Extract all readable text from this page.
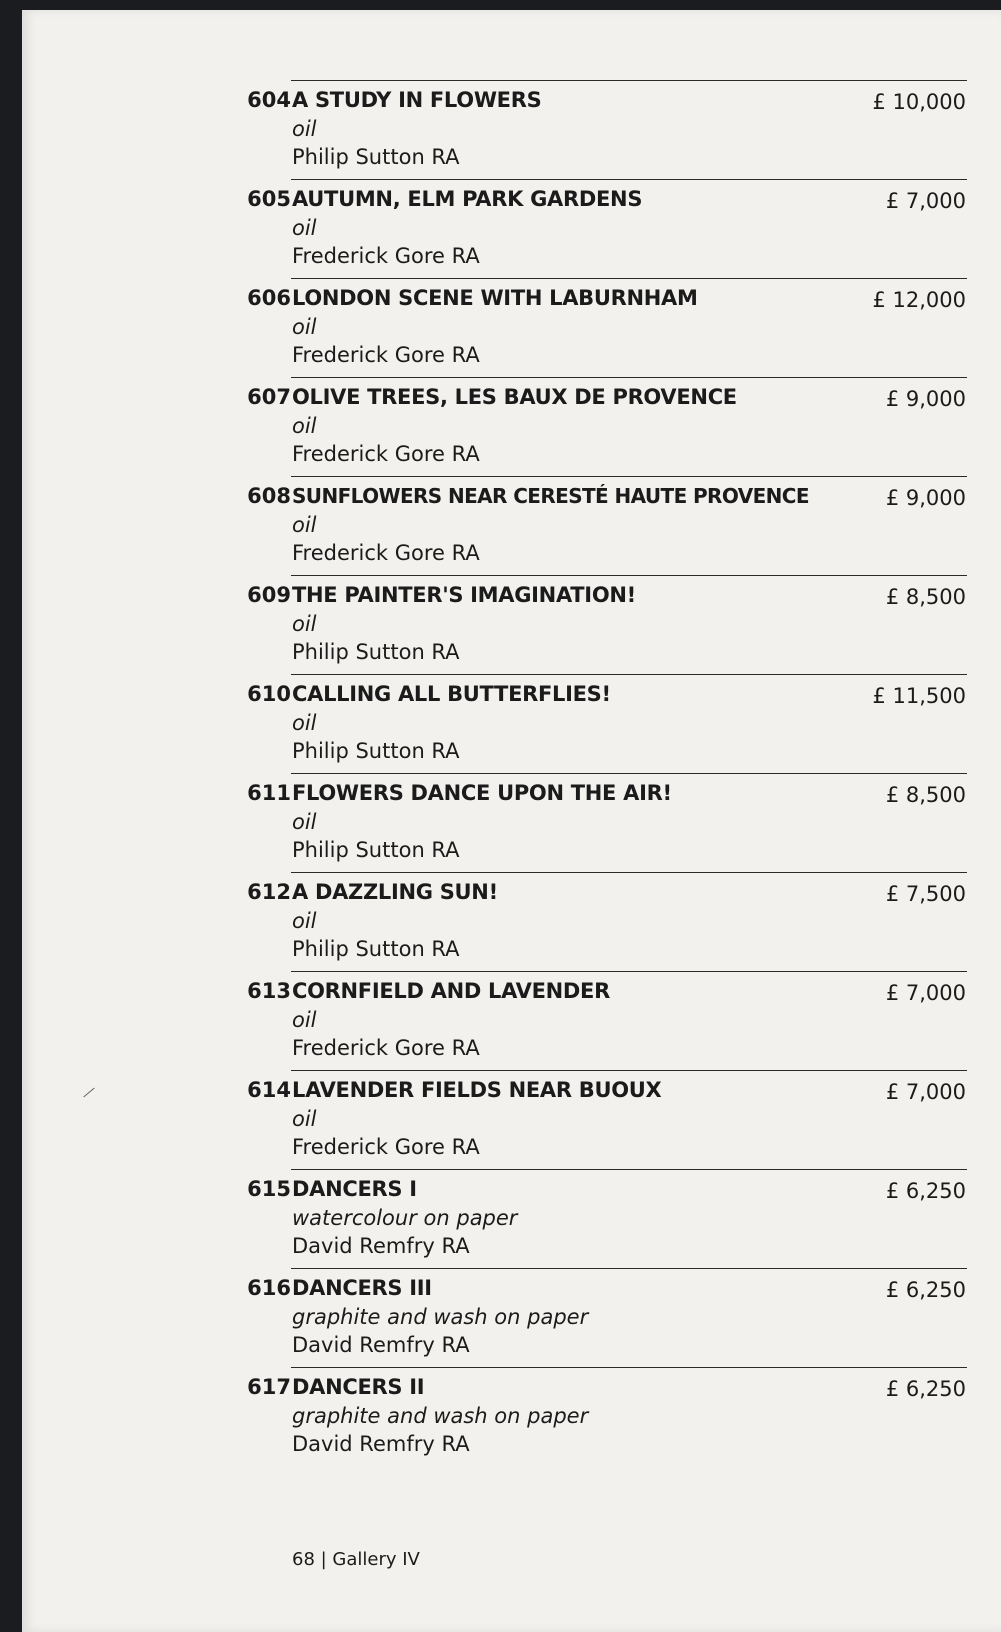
604 A STUDY IN FLOWERS	£ 10,000
oil
Philip Sutton RA
605 AUTUMN, ELM PARK GARDENS	£ 7,000
oil
Frederick Gore RA
606 LONDON SCENE WITH LABURNHAM	£ 12,000
oil
Frederick Gore RA
607 OLIVE TREES, LES BAUX DE PROVENCE	£ 9,000
oil
Frederick Gore RA
608 SUNFLOWERS NEAR CERESTÉ HAUTE PROVENCE	£ 9,000
oil
Frederick Gore RA
609 THE PAINTER'S IMAGINATION!	£ 8,500
oil
Philip Sutton RA
610 CALLING ALL BUTTERFLIES!	£ 11,500
oil
Philip Sutton RA
611 FLOWERS DANCE UPON THE AIR!	£ 8,500
oil
Philip Sutton RA
612 A DAZZLING SUN!	£ 7,500
oil
Philip Sutton RA
613 CORNFIELD AND LAVENDER	£ 7,000
oil
Frederick Gore RA
614 LAVENDER FIELDS NEAR BUOUX	£ 7,000
oil
Frederick Gore RA
615 DANCERS I	£ 6,250
watercolour on paper
David Remfry RA
616 DANCERS III	£ 6,250
graphite and wash on paper
David Remfry RA
617 DANCERS II	£ 6,250
graphite and wash on paper
David Remfry RA
68 | Gallery IV
